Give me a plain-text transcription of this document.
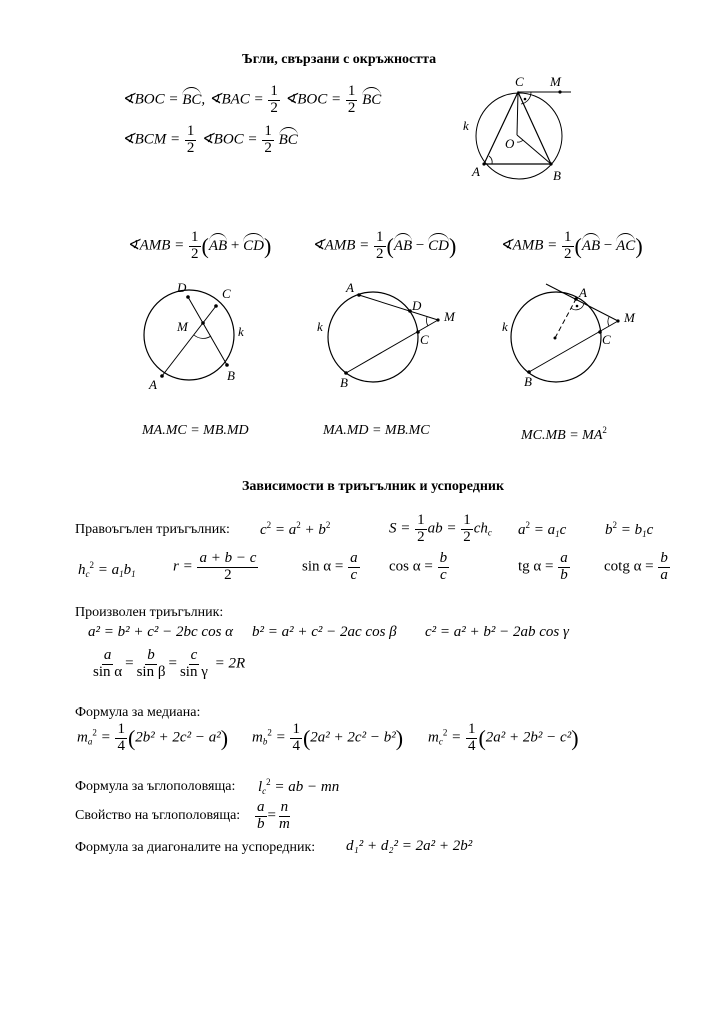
Ъгли, свързани с окръжността
∢BOC = BC, ∢BAC = $\frac{1}{2}$ ∢BOC = $\frac{1}{2}$ BC
∢BCM = $\frac{1}{2}$ ∢BOC = $\frac{1}{2}$ BC
C M
k
O
A	B
∢AMB = $\frac{1}{2} (AB + CD)$	∢AMB = $\frac{1}{2} (AB - CD)$	∢AMB = $\frac{1}{2} (AB - AC)$
D	C
M	k
A
B
A
D
M
k
C
B
A
M
k
C
B
MA.MC = MB.MD	MA.MD = MB.MC	$MC.MB = MA^2$
Зависимости в триъгълник и успоредник
Правоъгълен триъгълник: $c^2 = a^2 + b^2$	$S = \frac{1}{2}$ ab = $\frac{1}{2} ch_c$ $a^2 = a_1c$	$b^2 = b_1c$
$h_c^2 = a_1b_1$ $r = \frac{a + b - c}{2}$	$\sin \alpha = \frac{a}{c}$ $\cos \alpha = \frac{b}{c}$	tg $\alpha = \frac{a}{b}$ cotg $\alpha = \frac{b}{a}$
Произволен триъгълник:
a² = b² + c² − 2bc cos α b² = a² + c² − 2ac cos β c² = a² + b² − 2ab cos γ
$\frac{a}{\text{sin α}} = \frac{b}{\text{sin β}} = \frac{c}{\text{sin γ}} = 2R$
Формула за медиана:
$m_a^2 = \frac{1}{4} (2b^2 + 2c^2 - a^2) m_b^2 = \frac{1}{4} (2a^2 + 2c^2 - b^2) m_c^2 = \frac{1}{4} (2a^2 + 2b^2 - c^2)$
Формула за ъглополовяща: $l_c^2$ = ab − mn
Свойство на ъглополовяща: $\frac{a}{b} = \frac{n}{m}$
Формула за диагоналите на успоредник: d₁² + d₂² = 2a² + 2b²
